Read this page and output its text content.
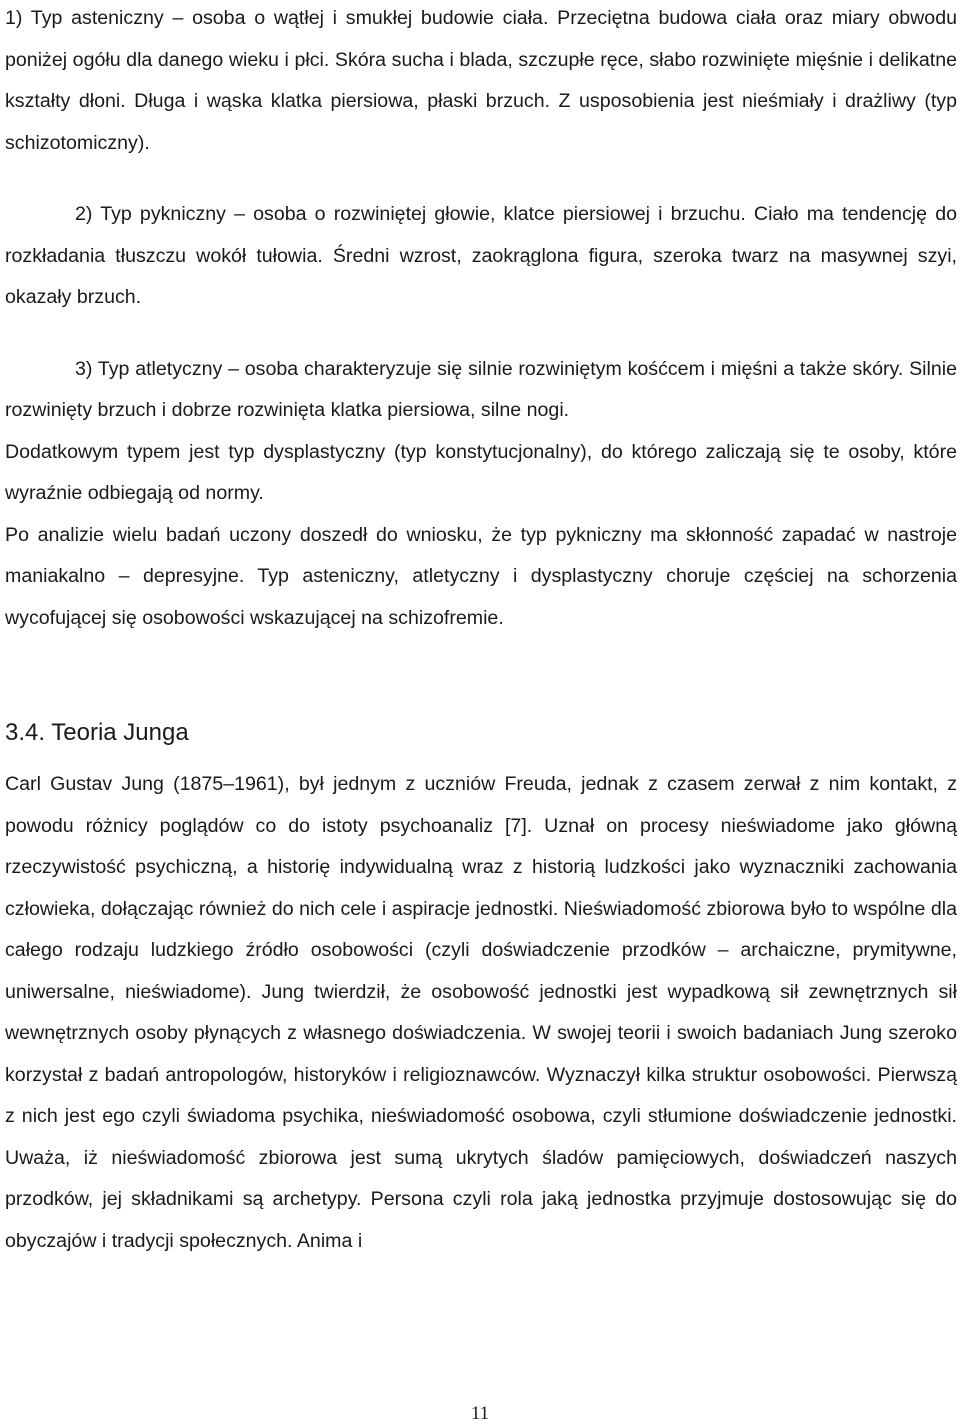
1) Typ asteniczny – osoba o wątłej i smukłej budowie ciała. Przeciętna budowa ciała oraz miary obwodu poniżej ogółu dla danego wieku i płci. Skóra sucha i blada, szczupłe ręce, słabo rozwinięte mięśnie i delikatne kształty dłoni. Długa i wąska klatka piersiowa, płaski brzuch. Z usposobienia jest nieśmiały i drażliwy (typ schizotomiczny).

2) Typ pykniczny – osoba o rozwiniętej głowie, klatce piersiowej i brzuchu. Ciało ma tendencję do rozkładania tłuszczu wokół tułowia. Średni wzrost, zaokrąglona figura, szeroka twarz na masywnej szyi, okazały brzuch.

3) Typ atletyczny – osoba charakteryzuje się silnie rozwiniętym kośćcem i mięśni a także skóry. Silnie rozwinięty brzuch i dobrze rozwinięta klatka piersiowa, silne nogi.

Dodatkowym typem jest typ dysplastyczny (typ konstytucjonalny), do którego zaliczają się te osoby, które wyraźnie odbiegają od normy.

Po analizie wielu badań uczony doszedł do wniosku, że typ pykniczny ma skłonność zapadać w nastroje maniakalno – depresyjne. Typ asteniczny, atletyczny i dysplastyczny choruje częściej na schorzenia wycofującej się osobowości wskazującej na schizofremie.

3.4. Teoria Junga

Carl Gustav Jung (1875–1961), był jednym z uczniów Freuda, jednak z czasem zerwał z nim kontakt, z powodu różnicy poglądów co do istoty psychoanaliz [7]. Uznał on procesy nieświadome jako główną rzeczywistość psychiczną, a historię indywidualną wraz z historią ludzkości jako wyznaczniki zachowania człowieka, dołączając również do nich cele i aspiracje jednostki. Nieświadomość zbiorowa było to wspólne dla całego rodzaju ludzkiego źródło osobowości (czyli doświadczenie przodków – archaiczne, prymitywne, uniwersalne, nieświadome). Jung twierdził, że osobowość jednostki jest wypadkową sił zewnętrznych sił wewnętrznych osoby płynących z własnego doświadczenia. W swojej teorii i swoich badaniach Jung szeroko korzystał z badań antropologów, historyków i religioznawców. Wyznaczył kilka struktur osobowości. Pierwszą z nich jest ego czyli świadoma psychika, nieświadomość osobowa, czyli stłumione doświadczenie jednostki. Uważa, iż nieświadomość zbiorowa jest sumą ukrytych śladów pamięciowych, doświadczeń naszych przodków, jej składnikami są archetypy. Persona czyli rola jaką jednostka przyjmuje dostosowując się do obyczajów i tradycji społecznych. Anima i

11
